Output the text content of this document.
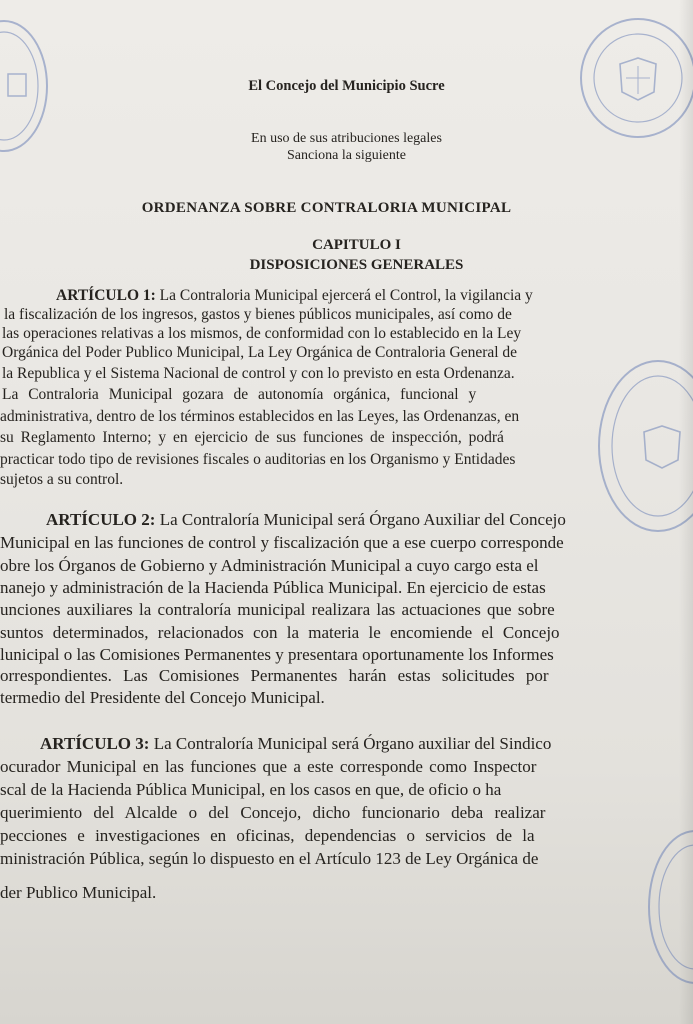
El Concejo del Municipio Sucre
En uso de sus atribuciones legales
Sanciona la siguiente
ORDENANZA SOBRE CONTRALORIA MUNICIPAL
CAPITULO I
DISPOSICIONES GENERALES
ARTÍCULO 1: La Contraloria Municipal ejercerá el Control, la vigilancia y
la fiscalización de los ingresos, gastos y bienes públicos municipales, así como de
las operaciones relativas a los mismos, de conformidad con lo establecido en la Ley
Orgánica del Poder Publico Municipal, La Ley Orgánica de Contraloria General de
la Republica y el Sistema Nacional de control y con lo previsto en esta Ordenanza.
La Contraloria Municipal gozara de autonomía orgánica, funcional y
administrativa, dentro de los términos establecidos en las Leyes, las Ordenanzas, en
su Reglamento Interno; y en ejercicio de sus funciones de inspección, podrá
practicar todo tipo de revisiones fiscales o auditorias en los Organismo y Entidades
sujetos a su control.
ARTÍCULO 2: La Contraloría Municipal será Órgano Auxiliar del Concejo
Municipal en las funciones de control y fiscalización que a ese cuerpo corresponde
obre los Órganos de Gobierno y Administración Municipal a cuyo cargo esta el
nanejo y administración de la Hacienda Pública Municipal. En ejercicio de estas
unciones auxiliares la contraloría municipal realizara las actuaciones que sobre
suntos determinados, relacionados con la materia le encomiende el Concejo
lunicipal o las Comisiones Permanentes y presentara oportunamente los Informes
orrespondientes. Las Comisiones Permanentes harán estas solicitudes por
termedio del Presidente del Concejo Municipal.
ARTÍCULO 3: La Contraloría Municipal será Órgano auxiliar del Sindico
ocurador Municipal en las funciones que a este corresponde como Inspector
scal de la Hacienda Pública Municipal, en los casos en que, de oficio o ha
querimiento del Alcalde o del Concejo, dicho funcionario deba realizar
pecciones e investigaciones en oficinas, dependencias o servicios de la
ministración Pública, según lo dispuesto en el Artículo 123 de Ley Orgánica de
der Publico Municipal.
